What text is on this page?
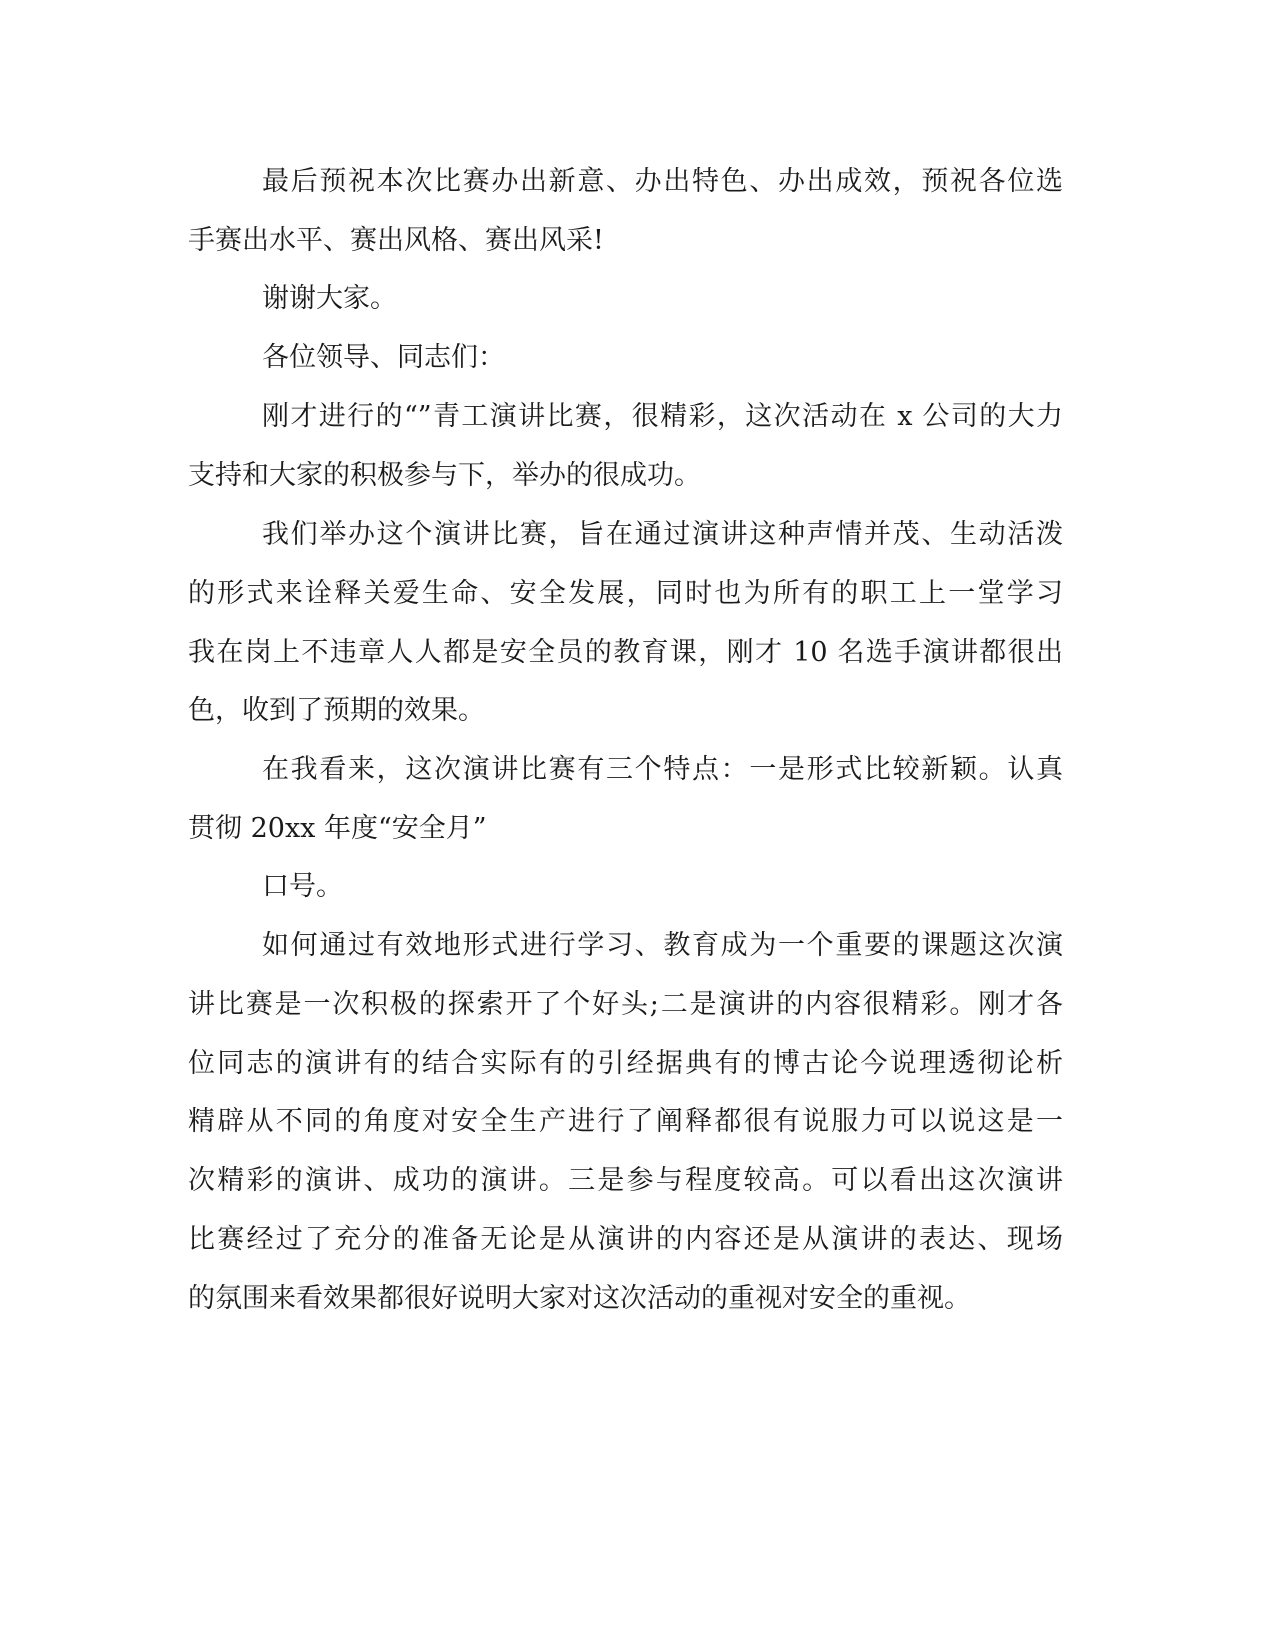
最后预祝本次比赛办出新意、办出特色、办出成效，预祝各位选

手赛出水平、赛出风格、赛出风采!

谢谢大家。

各位领导、同志们：

刚才进行的“”青工演讲比赛，很精彩，这次活动在 x 公司的大力

支持和大家的积极参与下，举办的很成功。

我们举办这个演讲比赛，旨在通过演讲这种声情并茂、生动活泼

的形式来诠释关爱生命、安全发展，同时也为所有的职工上一堂学习

我在岗上不违章人人都是安全员的教育课，刚才 10 名选手演讲都很出

色，收到了预期的效果。

在我看来，这次演讲比赛有三个特点：一是形式比较新颖。认真

贯彻 20xx 年度“安全月”

口号。

如何通过有效地形式进行学习、教育成为一个重要的课题这次演

讲比赛是一次积极的探索开了个好头;二是演讲的内容很精彩。刚才各

位同志的演讲有的结合实际有的引经据典有的博古论今说理透彻论析

精辟从不同的角度对安全生产进行了阐释都很有说服力可以说这是一

次精彩的演讲、成功的演讲。三是参与程度较高。可以看出这次演讲

比赛经过了充分的准备无论是从演讲的内容还是从演讲的表达、现场

的氛围来看效果都很好说明大家对这次活动的重视对安全的重视。
